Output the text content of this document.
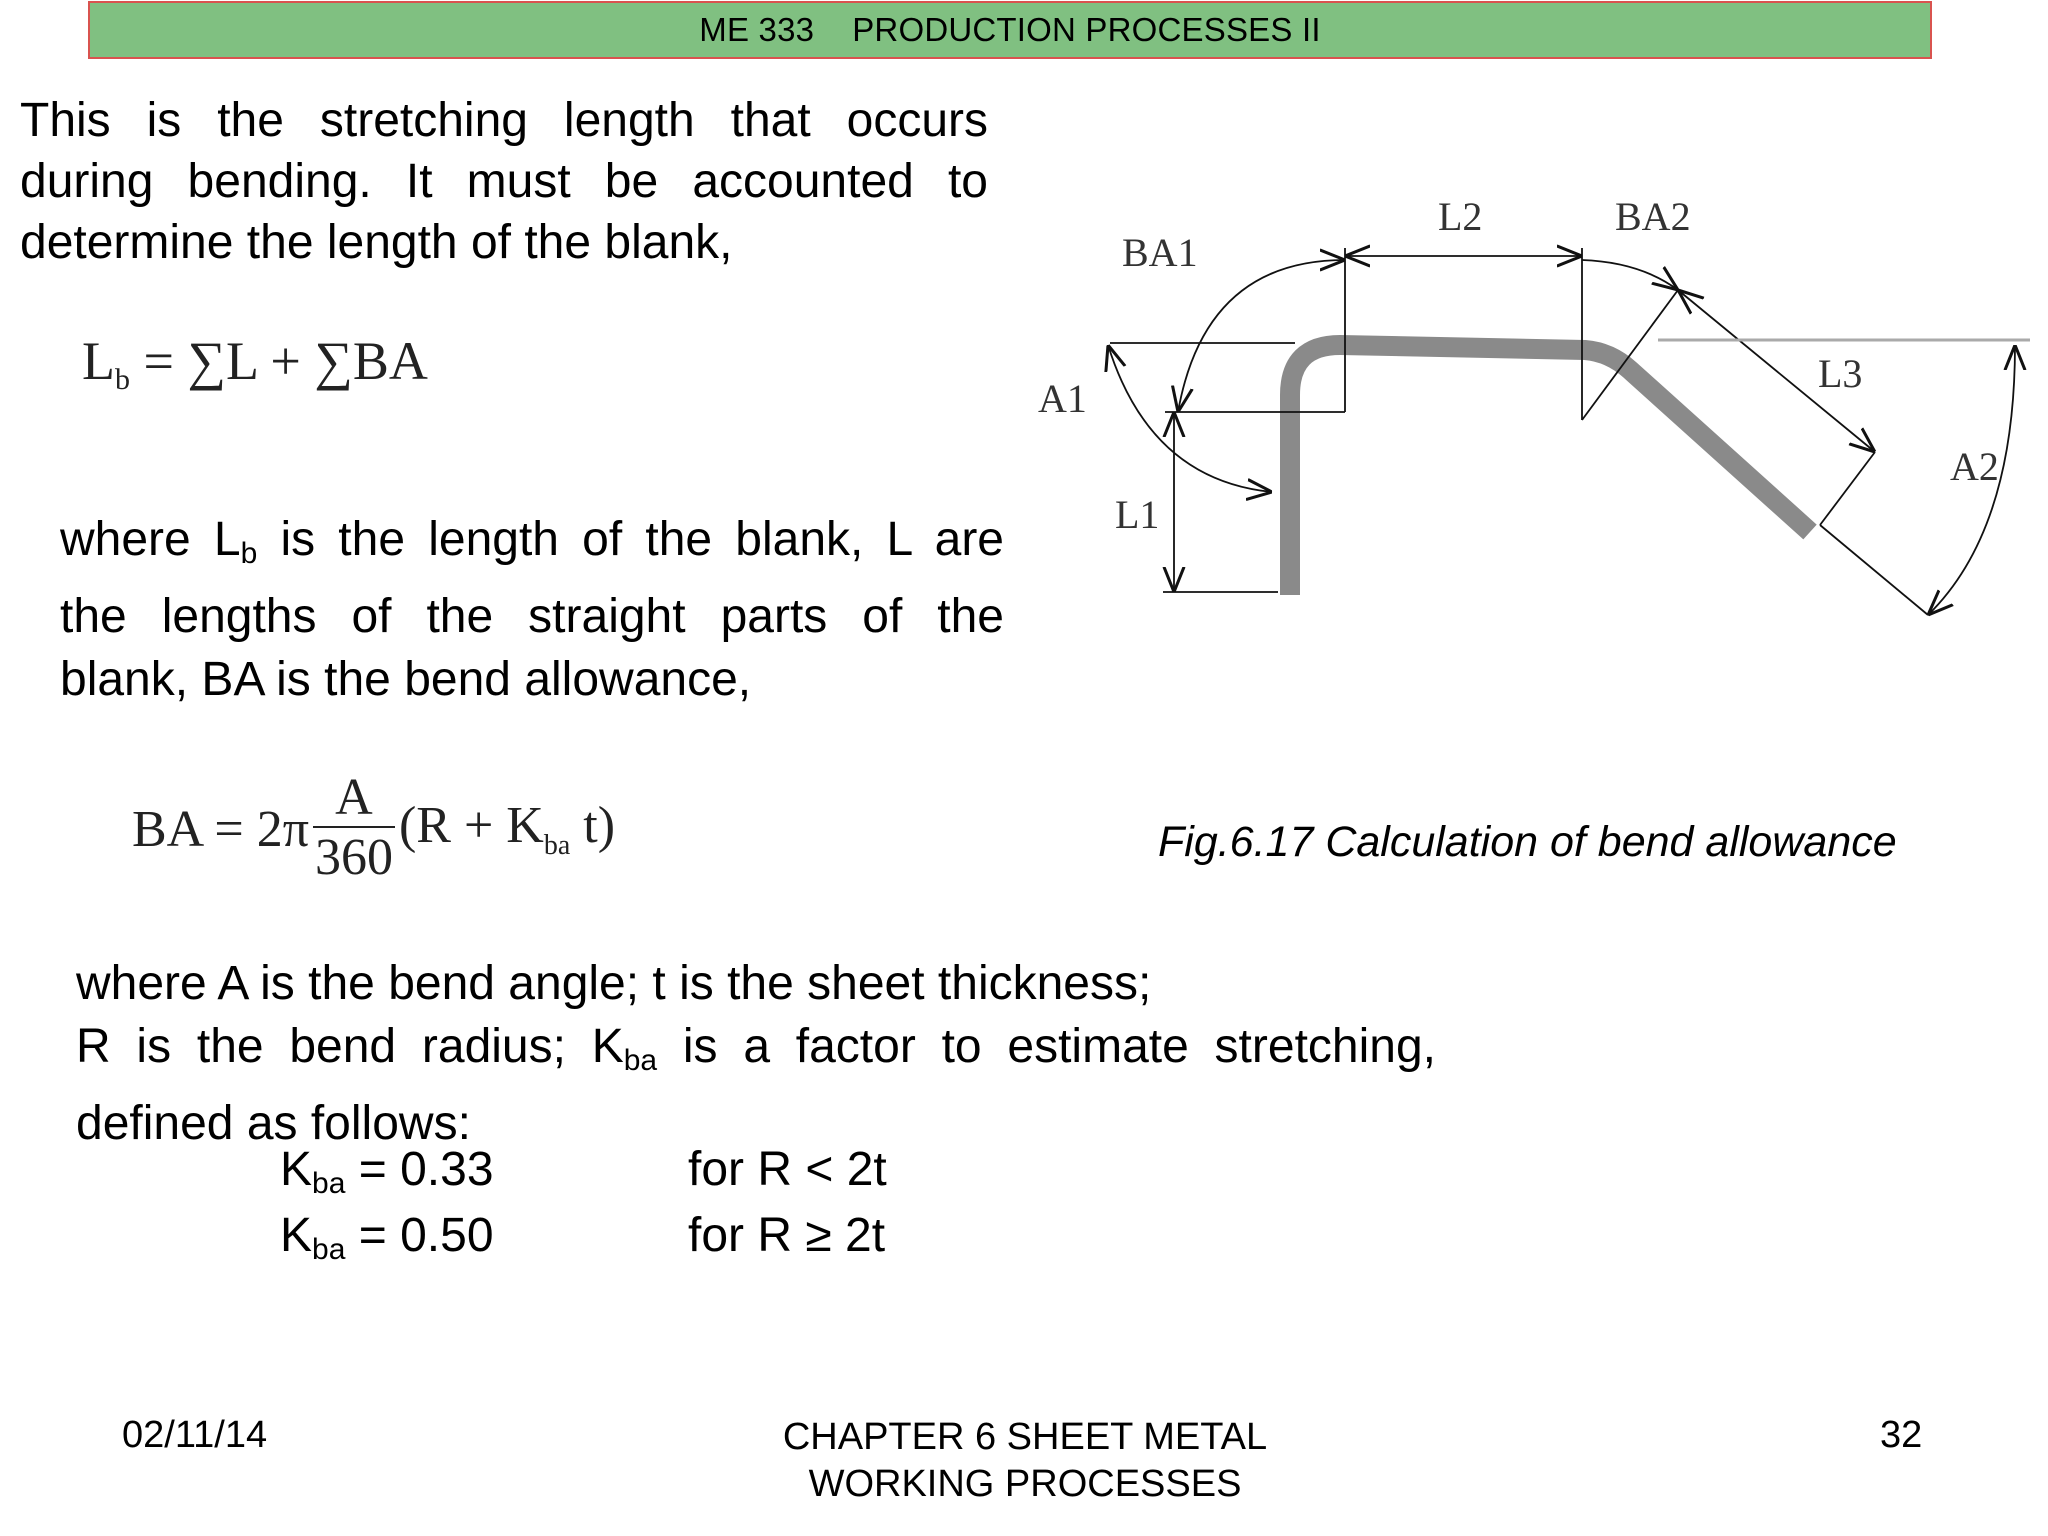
ME 333 PRODUCTION PROCESSES II
This is the stretching length that occurs
during bending. It must be accounted to
determine the length of the blank,
$L_b = \sum L + \sum BA$
where $L_b$ is the length of the blank, L are
the lengths of the straight parts of the
blank, BA is the bend allowance,
BA = 2π
A
360
($R + K_{ba}$ t)
BA1
L2	BA2
A1
L1
L3
A2
Fig.6.17 Calculation of bend allowance
where A is the bend angle; t is the sheet thickness;
R is the bend radius; $K_{ba}$ is a factor to estimate stretching,
defined as follows:
$K_{ba} = 0.33$	for R < 2t
$K_{ba} = 0.50$	for R ≥ 2t
02/11/14	CHAPTER 6 SHEET METAL
WORKING PROCESSES
32
